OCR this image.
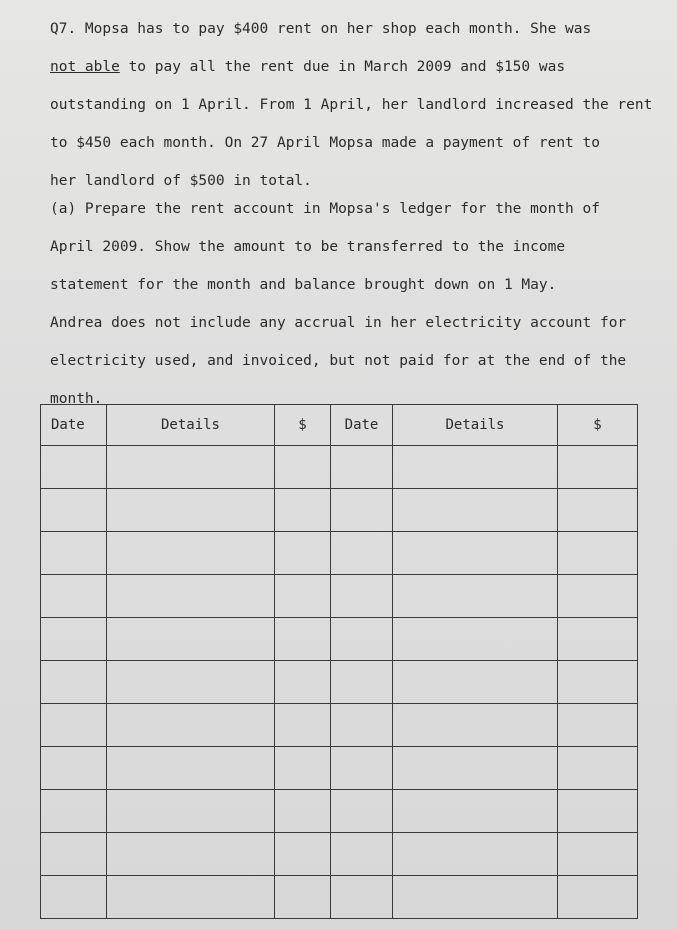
Q7. Mopsa has to pay $400 rent on her shop each month. She was
not able to pay all the rent due in March 2009 and $150 was
outstanding on 1 April. From 1 April, her landlord increased the rent
to $450 each month. On 27 April Mopsa made a payment of rent to
her landlord of $500 in total.
(a) Prepare the rent account in Mopsa's ledger for the month of
April 2009. Show the amount to be transferred to the income
statement for the month and balance brought down on 1 May.
Andrea does not include any accrual in her electricity account for
electricity used, and invoiced, but not paid for at the end of the
month.
Date	Details	$	Date	Details	$
